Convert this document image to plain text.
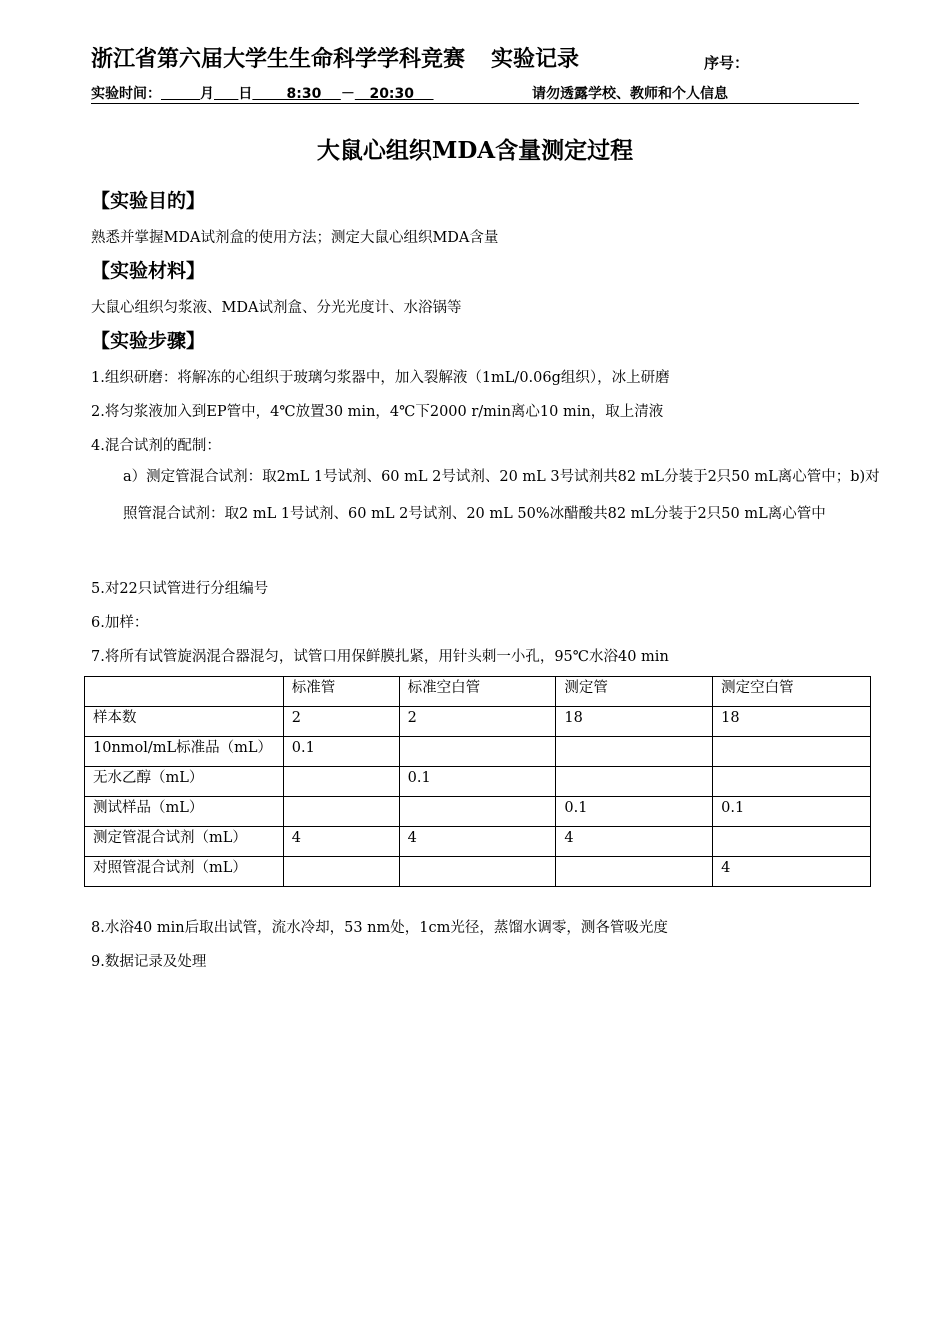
浙江省第六届大学生生命科学学科竞赛 实验记录	序号：
实验时间：	月 日 8:30 － 20:30	请勿透露学校、教师和个人信息
大鼠心组织MDA含量测定过程
【实验目的】
熟悉并掌握MDA试剂盒的使用方法；测定大鼠心组织MDA含量
【实验材料】
大鼠心组织匀浆液、MDA试剂盒、分光光度计、水浴锅等
【实验步骤】
1.组织研磨：将解冻的心组织于玻璃匀浆器中，加入裂解液（1mL/0.06g组织），冰上研磨
2.将匀浆液加入到EP管中，4℃放置30 min，4℃下2000 r/min离心10 min，取上清液
4.混合试剂的配制：
a）测定管混合试剂：取2mL 1号试剂、60 mL 2号试剂、20 mL 3号试剂共82 mL分装于2只50 mL离心管中；b)对照管混合试剂：取2 mL 1号试剂、60 mL 2号试剂、20 mL 50%冰醋酸共82 mL分装于2只50 mL离心管中
5.对22只试管进行分组编号
6.加样：
7.将所有试管旋涡混合器混匀，试管口用保鲜膜扎紧，用针头刺一小孔，95℃水浴40 min
	标准管	标准空白管	测定管	测定空白管
样本数	2	2	18	18
10nmol/mL标准品（mL）	0.1			
无水乙醇（mL）		0.1		
测试样品（mL）			0.1	0.1
测定管混合试剂（mL）	4	4	4	
对照管混合试剂（mL）				4
8.水浴40 min后取出试管，流水冷却，53 nm处，1cm光径，蒸馏水调零，测各管吸光度
9.数据记录及处理
